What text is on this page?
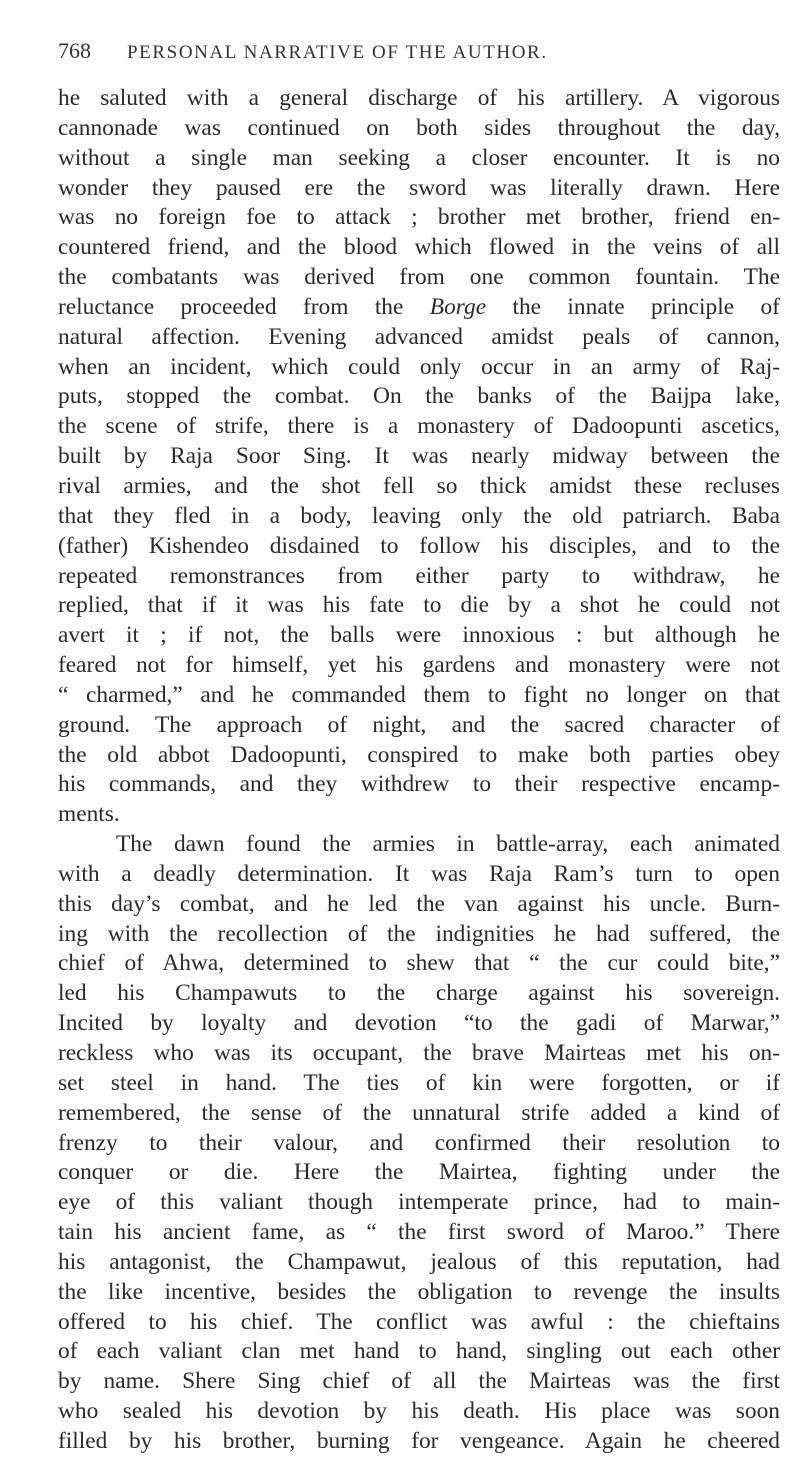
768 PERSONAL NARRATIVE OF THE AUTHOR.
he saluted with a general discharge of his artillery. A vigorous
cannonade was continued on both sides throughout the day,
without a single man seeking a closer encounter. It is no
wonder they paused ere the sword was literally drawn. Here
was no foreign foe to attack ; brother met brother, friend en-
countered friend, and the blood which flowed in the veins of all
the combatants was derived from one common fountain. The
reluctance proceeded from the Borge the innate principle of
natural affection. Evening advanced amidst peals of cannon,
when an incident, which could only occur in an army of Raj-
puts, stopped the combat. On the banks of the Baijpa lake,
the scene of strife, there is a monastery of Dadoopunti ascetics,
built by Raja Soor Sing. It was nearly midway between the
rival armies, and the shot fell so thick amidst these recluses
that they fled in a body, leaving only the old patriarch. Baba
(father) Kishendeo disdained to follow his disciples, and to the
repeated remonstrances from either party to withdraw, he
replied, that if it was his fate to die by a shot he could not
avert it ; if not, the balls were innoxious : but although he
feared not for himself, yet his gardens and monastery were not
“ charmed,” and he commanded them to fight no longer on that
ground. The approach of night, and the sacred character of
the old abbot Dadoopunti, conspired to make both parties obey
his commands, and they withdrew to their respective encamp-
ments.
The dawn found the armies in battle-array, each animated
with a deadly determination. It was Raja Ram’s turn to open
this day’s combat, and he led the van against his uncle. Burn-
ing with the recollection of the indignities he had suffered, the
chief of Ahwa, determined to shew that “ the cur could bite,”
led his Champawuts to the charge against his sovereign.
Incited by loyalty and devotion “to the gadi of Marwar,”
reckless who was its occupant, the brave Mairteas met his on-
set steel in hand. The ties of kin were forgotten, or if
remembered, the sense of the unnatural strife added a kind of
frenzy to their valour, and confirmed their resolution to
conquer or die. Here the Mairtea, fighting under the
eye of this valiant though intemperate prince, had to main-
tain his ancient fame, as “ the first sword of Maroo.” There
his antagonist, the Champawut, jealous of this reputation, had
the like incentive, besides the obligation to revenge the insults
offered to his chief. The conflict was awful : the chieftains
of each valiant clan met hand to hand, singling out each other
by name. Shere Sing chief of all the Mairteas was the first
who sealed his devotion by his death. His place was soon
filled by his brother, burning for vengeance. Again he cheered
